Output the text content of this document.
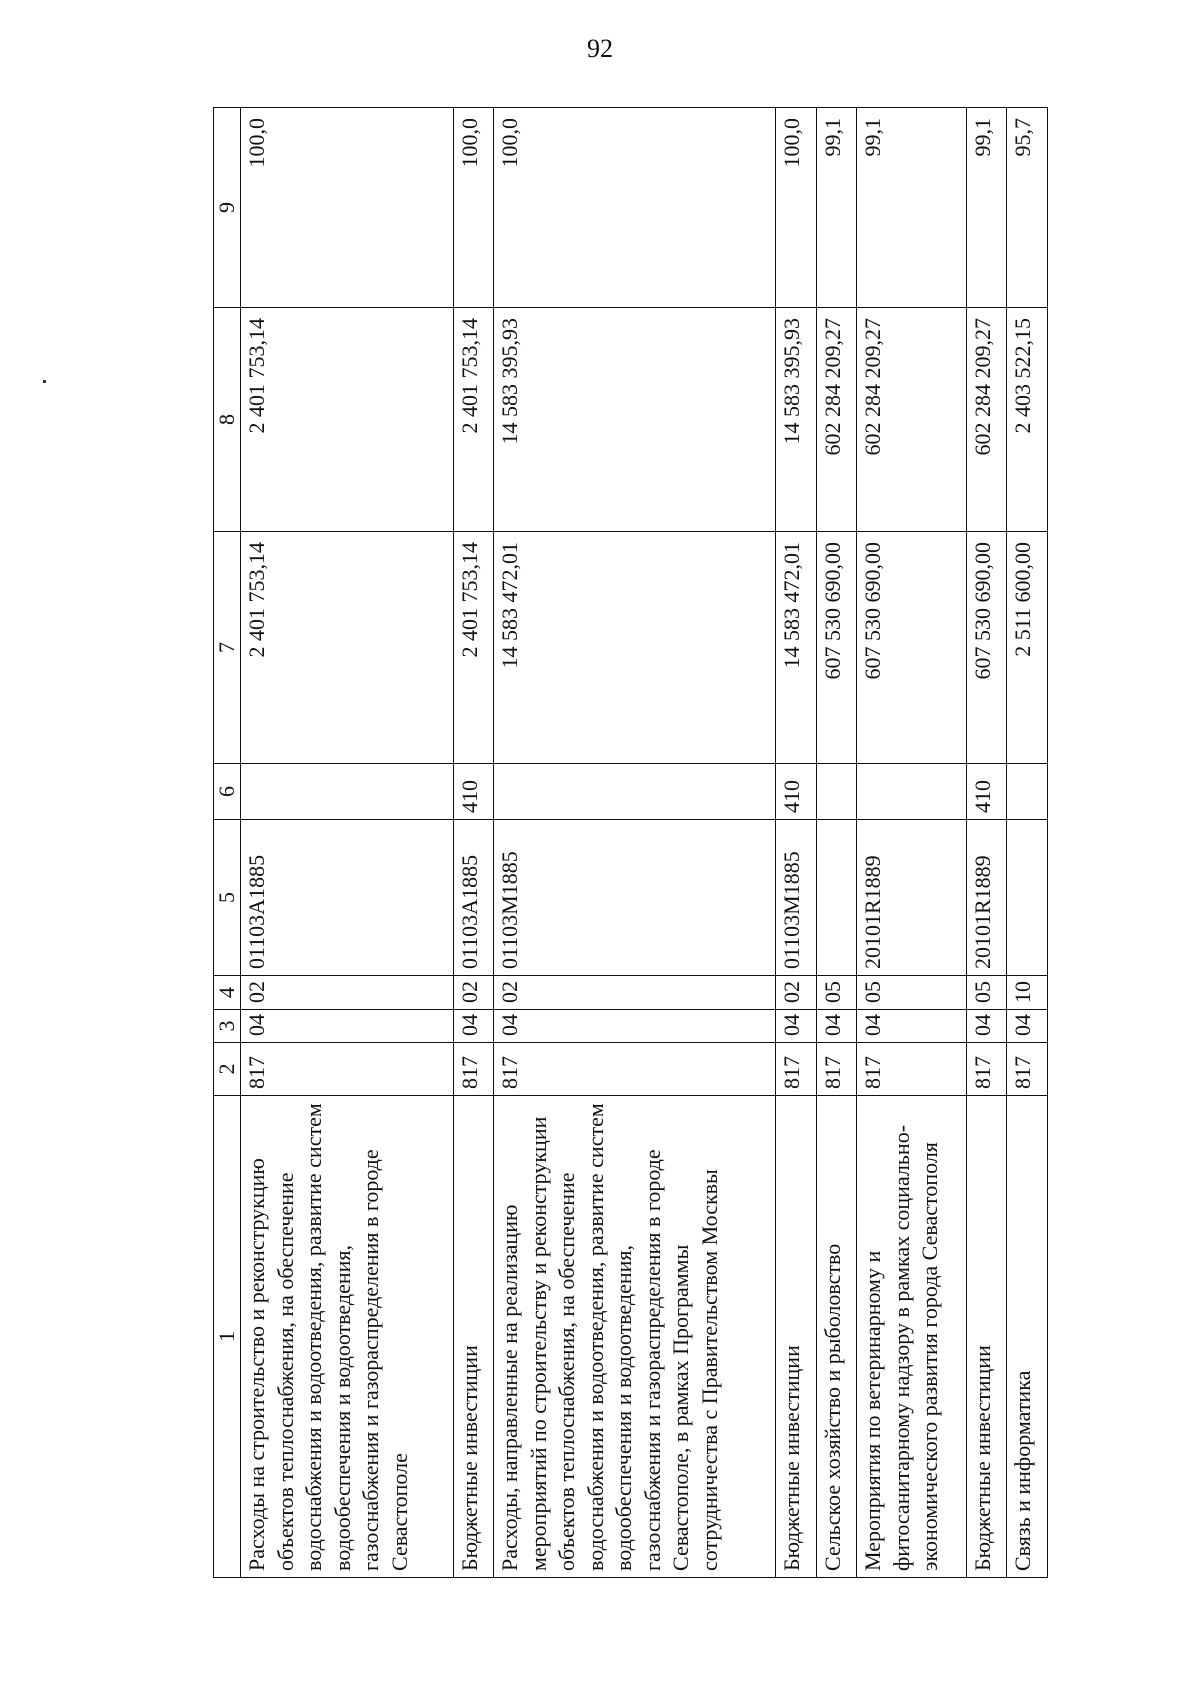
92
1	2	3	4	5	6	7	8	9
Расходы на строительство и реконструкцию объектов теплоснабжения, на обеспечение водоснабжения и водоотведения, развитие систем водообеспечения и водоотведения, газоснабжения и газораспределения в городе Севастополе	817	04	02	01103A1885		2 401 753,14	2 401 753,14	100,0
Бюджетные инвестиции	817	04	02	01103A1885	410	2 401 753,14	2 401 753,14	100,0
Расходы, направленные на реализацию мероприятий по строительству и реконструкции объектов теплоснабжения, на обеспечение водоснабжения и водоотведения, развитие систем водообеспечения и водоотведения, газоснабжения и газораспределения в городе Севастополе, в рамках Программы сотрудничества с Правительством Москвы	817	04	02	01103M1885		14 583 472,01	14 583 395,93	100,0
Бюджетные инвестиции	817	04	02	01103M1885	410	14 583 472,01	14 583 395,93	100,0
Сельское хозяйство и рыболовство	817	04	05			607 530 690,00	602 284 209,27	99,1
Мероприятия по ветеринарному и фитосанитарному надзору в рамках социально-экономического развития города Севастополя	817	04	05	20101R1889		607 530 690,00	602 284 209,27	99,1
Бюджетные инвестиции	817	04	05	20101R1889	410	607 530 690,00	602 284 209,27	99,1
Связь и информатика	817	04	10			2 511 600,00	2 403 522,15	95,7
